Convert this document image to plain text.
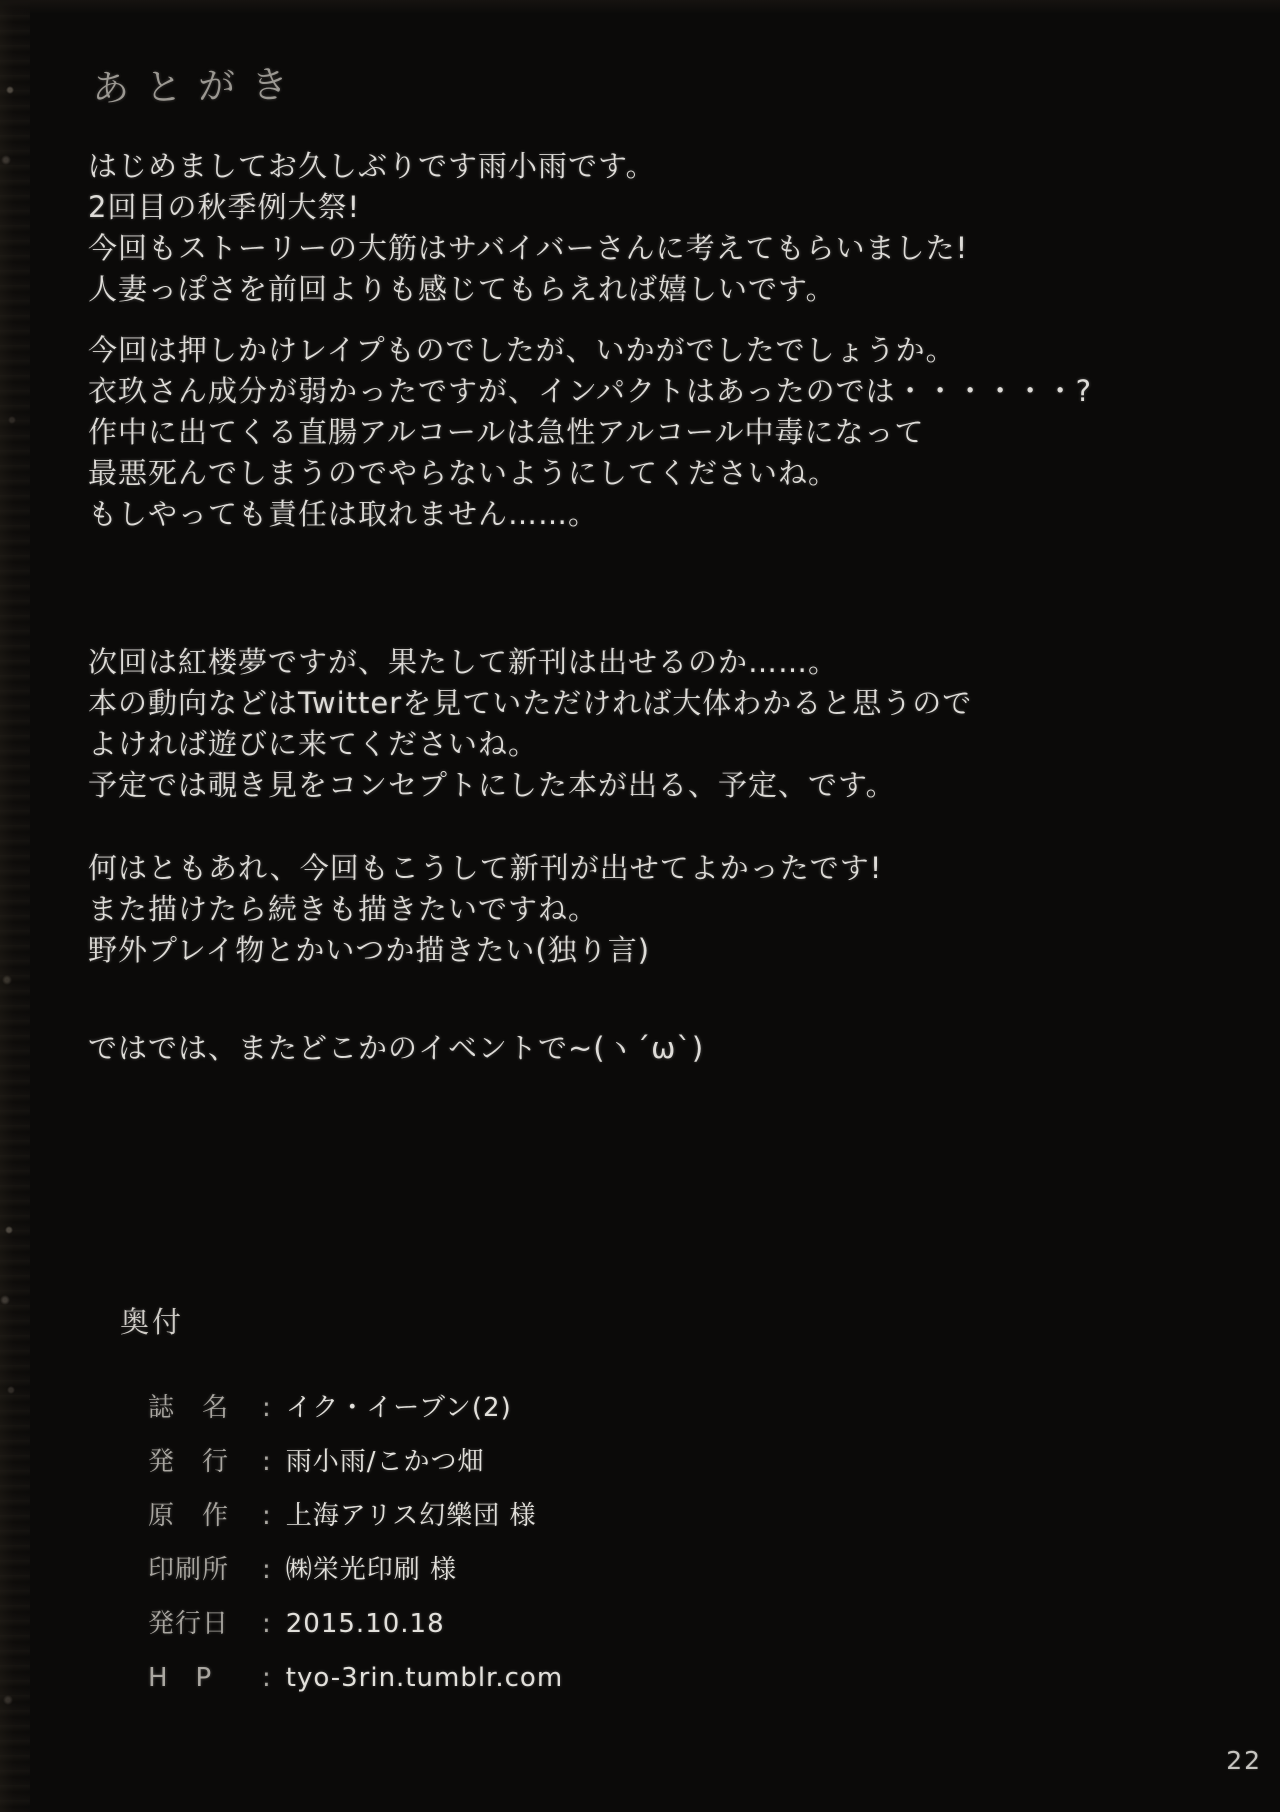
あとがき
はじめましてお久しぶりです雨小雨です。
2回目の秋季例大祭!
今回もストーリーの大筋はサバイバーさんに考えてもらいました!
人妻っぽさを前回よりも感じてもらえれば嬉しいです。
今回は押しかけレイプものでしたが、いかがでしたでしょうか。
衣玖さん成分が弱かったですが、インパクトはあったのでは・・・・・・?
作中に出てくる直腸アルコールは急性アルコール中毒になって
最悪死んでしまうのでやらないようにしてくださいね。
もしやっても責任は取れません……。
次回は紅楼夢ですが、果たして新刊は出せるのか……。
本の動向などはTwitterを見ていただければ大体わかると思うので
よければ遊びに来てくださいね。
予定では覗き見をコンセプトにした本が出る、予定、です。
何はともあれ、今回もこうして新刊が出せてよかったです!
また描けたら続きも描きたいですね。
野外プレイ物とかいつか描きたい(独り言)
ではでは、またどこかのイベントで~(ヽ´ω`)
奥付
誌　名	: イク・イーブン(2)
発　行	: 雨小雨/こかつ畑
原　作	: 上海アリス幻樂団 様
印刷所	: ㈱栄光印刷 様
発行日	: 2015.10.18
H　P	: tyo-3rin.tumblr.com
22
